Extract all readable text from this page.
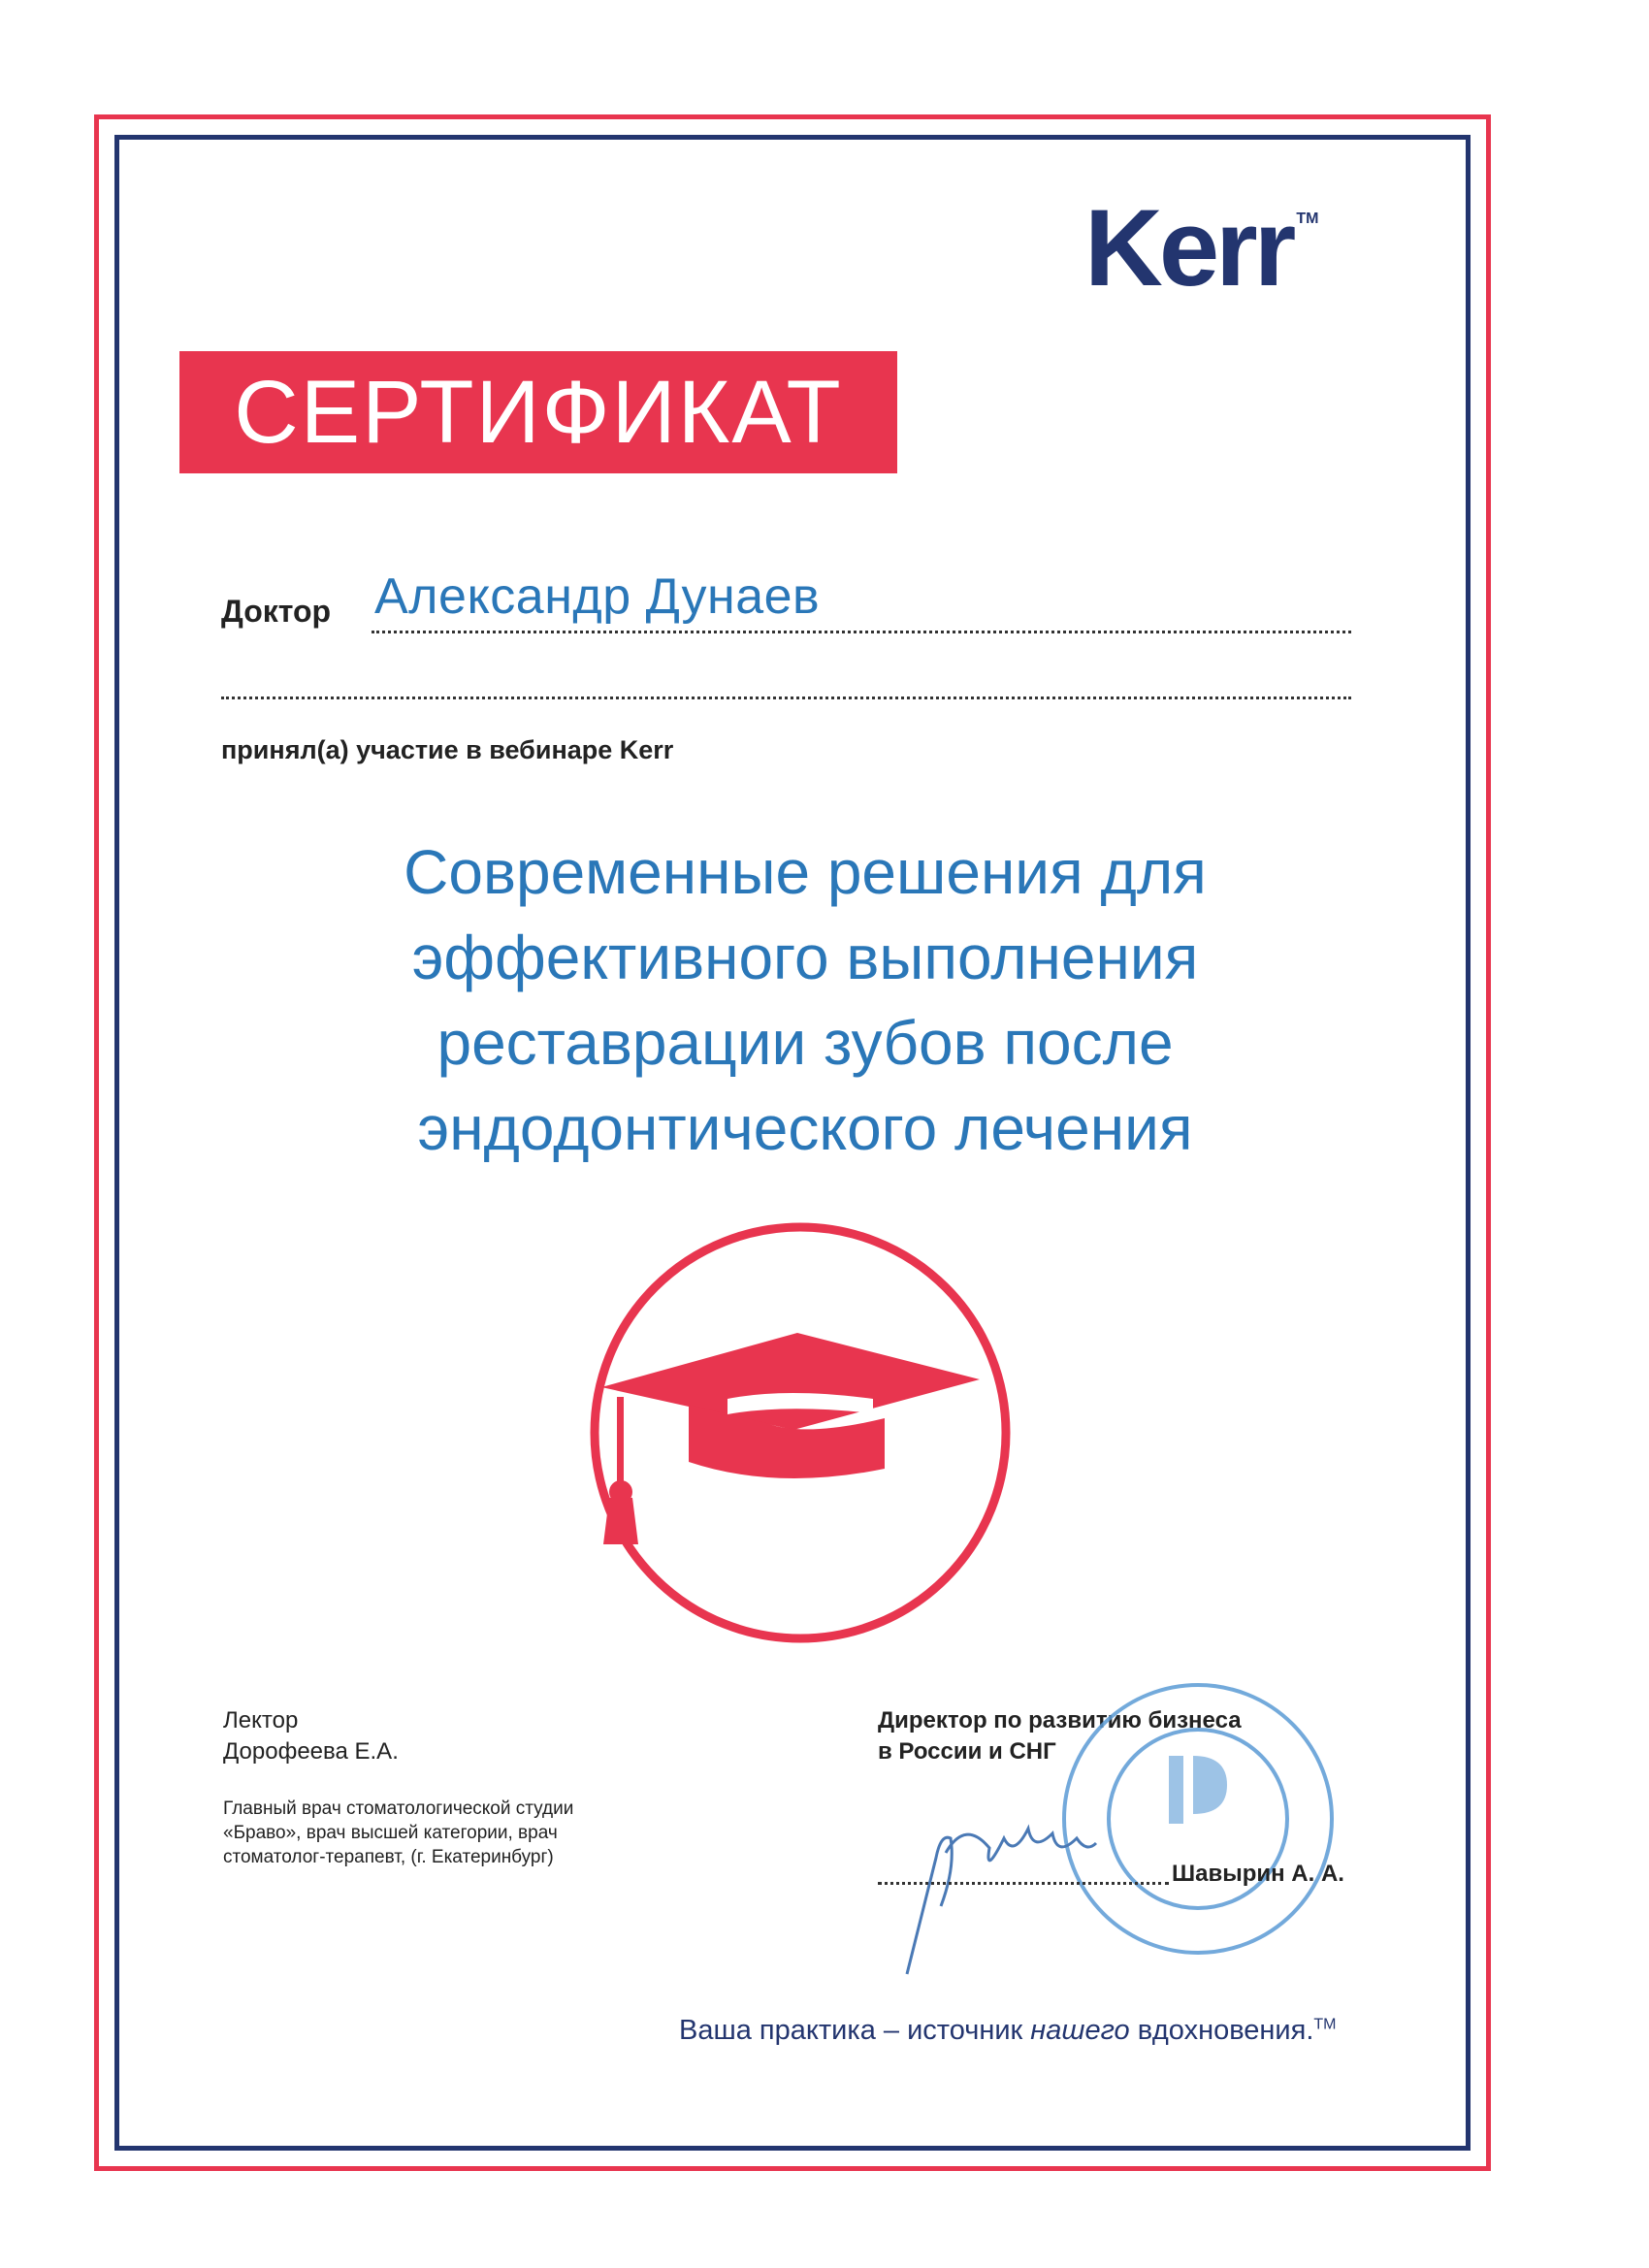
Kerr ™
СЕРТИФИКАТ
Доктор Александр Дунаев
принял(а) участие в вебинаре Kerr
Современные решения для
эффективного выполнения
реставрации зубов после
эндодонтического лечения
Лектор
Дорофеева Е.А.
Главный врач стоматологической студии
«Браво», врач высшей категории, врач
стоматолог-терапевт, (г. Екатеринбург)
Директор по развитию бизнеса
в России и СНГ
Шавырин А. А.
Ваша практика – источник нашего вдохновения.™
